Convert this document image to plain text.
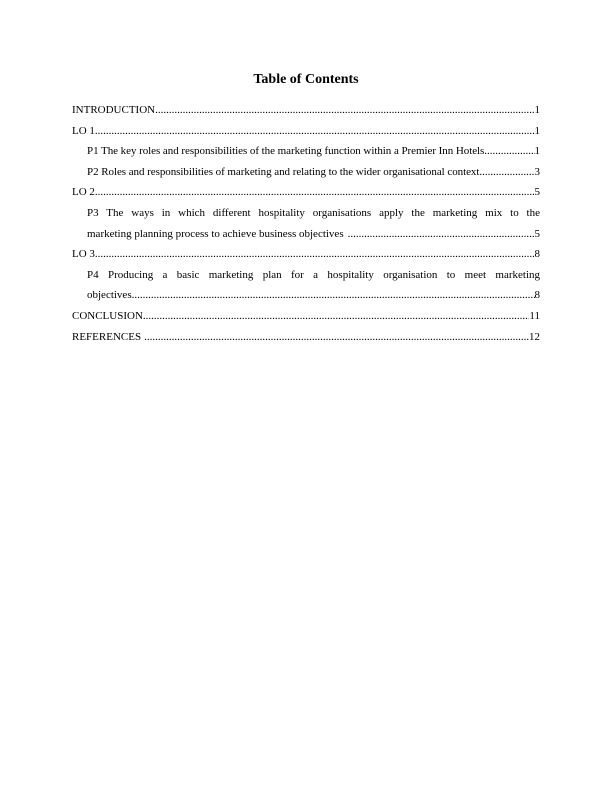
Table of Contents
INTRODUCTION .....	1
LO 1 .....	1
P1 The key roles and responsibilities of the marketing function within a Premier Inn Hotels .....	1
P2 Roles and responsibilities of marketing and relating to the wider organisational context .....	3
LO 2 .....	5
P3 The ways in which different hospitality organisations apply the marketing mix to the
marketing planning process to achieve business objectives .....	5
LO 3 .....	8
P4 Producing a basic marketing plan for a hospitality organisation to meet marketing
objectives .....	8
CONCLUSION .....	11
REFERENCES .....	12
